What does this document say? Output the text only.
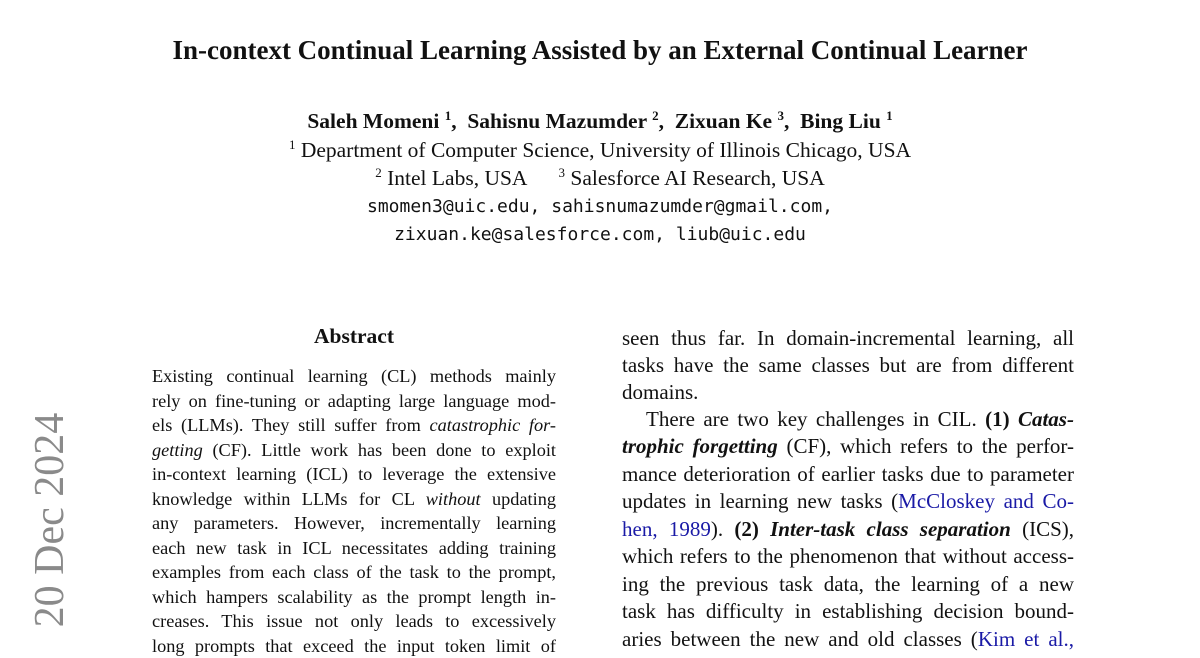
In-context Continual Learning Assisted by an External Continual Learner
Saleh Momeni $^1$,  Sahisnu Mazumder $^2$,  Zixuan Ke $^3$,  Bing Liu $^1$
$^1$ Department of Computer Science, University of Illinois Chicago, USA
$^2$ Intel Labs, USA $^3$ Salesforce AI Research, USA
smomen3@uic.edu, sahisnumazumder@gmail.com,
zixuan.ke@salesforce.com, liub@uic.edu
20 Dec 2024
Abstract
Existing continual learning (CL) methods mainly
rely on fine-tuning or adapting large language mod-
els (LLMs). They still suffer from catastrophic for-
getting (CF). Little work has been done to exploit
in-context learning (ICL) to leverage the extensive
knowledge within LLMs for CL without updating
any parameters. However, incrementally learning
each new task in ICL necessitates adding training
examples from each class of the task to the prompt,
which hampers scalability as the prompt length in-
creases. This issue not only leads to excessively
long prompts that exceed the input token limit of
seen thus far. In domain-incremental learning, all
tasks have the same classes but are from different
domains.
There are two key challenges in CIL. (1) Catas-
trophic forgetting (CF), which refers to the perfor-
mance deterioration of earlier tasks due to parameter
updates in learning new tasks (McCloskey and Co-
hen, 1989). (2) Inter-task class separation (ICS),
which refers to the phenomenon that without access-
ing the previous task data, the learning of a new
task has difficulty in establishing decision bound-
aries between the new and old classes (Kim et al.,
